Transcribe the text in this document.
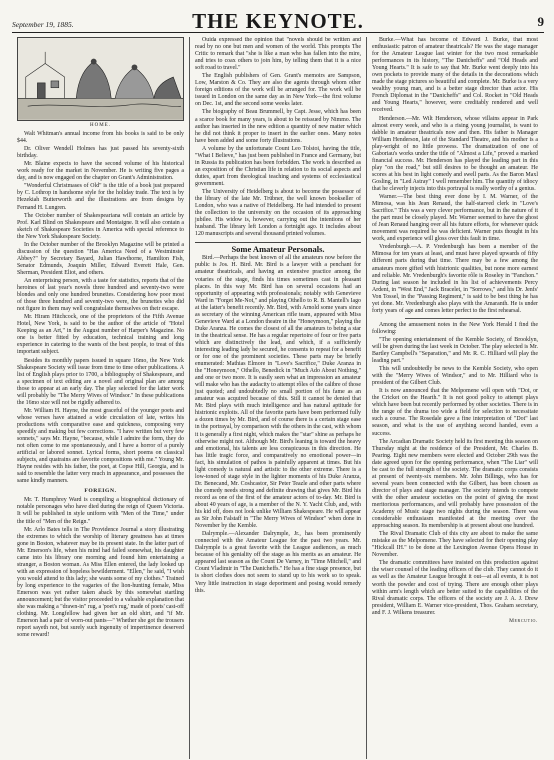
September 19, 1885.	THE KEYNOTE.	9
HOME.

Walt Whitman's annual income from his books is said to be only $44.

Dr. Oliver Wendell Holmes has just passed his seventy-sixth birthday.

Mr. Blaine expects to have the second volume of his historical work ready for the market in November. He is writing five pages a day, and is now engaged on the chapter on Grant's Administration.

"Wonderful Christmases of Old" is the title of a book just prepared by C. Lothrop in handsome style for the holiday trade. The text is by Hezekiah Butterworth and the illustrations are from designs by Fernand H. Lungren.

The October number of Shakespeariana will contain an article by Prof. Karl Blind on Shakespeare and Montaigne. It will also contain a sketch of Shakespeare Societies in America with special reference to the New York Shakespeare Society.

In the October number of the Brooklyn Magazine will be printed a discussion of the question "Has America Need of a Westminster Abbey?" by Secretary Bayard, Julian Hawthorne, Hamilton Fish, Senator Edmunds, Joaquin Miller, Edward Everett Hale, Gen. Sherman, President Eliot, and others.

An enterprising person, with a taste for statistics, reports that of the heroines of last year's novels three hundred and seventy-two were blondes and only one hundred brunettes. Considering how poor most of those three hundred and seventy-two were, the brunettes who did not figure in them may well congratulate themselves on their escape.

Mr. Hiram Hitchcock, one of the proprietors of the Fifth Avenue Hotel, New York, is said to be the author of the article of "Hotel Keeping as an Art," in the August number of Harper's Magazine. No one is better fitted by education, technical training and long experience in catering to the wants of the best people, to treat of this important subject.

Besides its monthly papers issued in square 16mo, the New York Shakespeare Society will issue from time to time other publications. A list of English plays prior to 1700, a bibliography of Shakespeare, and a specimen of text editing are a novel and original plan are among those to appear at an early day. The play selected for the latter work will probably be "The Merry Wives of Windsor." In these publications the 16mo size will not be rigidly adhered to.

Mr. William H. Hayne, the most graceful of the younger poets and whose verses have attained a wide circulation of late, writes his productions with comparative ease and quickness, composing very speedily and making but few corrections. "I have written but very few sonnets," says Mr. Hayne, "because, while I admire the form, they do not often come to me spontaneously, and I have a horror of a purely artificial or labored sonnet. Lyrical forms, short poems on classical subjects, and quatrains are favorite compositions with me." Young Mr. Hayne resides with his father, the poet, at Copse Hill, Georgia, and is said to resemble the latter very much in appearance, and possesses the same kindly manners.

FOREIGN.

Mr. T. Humphrey Ward is compiling a biographical dictionary of notable personages who have died during the reign of Queen Victoria. It will be published in style uniform with "Men of the Time," under the title of "Men of the Reign."

Mr. Arlo Bates tells in The Providence Journal a story illustrating the extremes to which the worship of literary greatness has at times gone in Boston, whatever may be its present state. In the latter part of Mr. Emerson's life, when his mind had failed somewhat, his daughter came into his library one morning and found him entertaining a stranger, a Boston woman. As Miss Ellen entered, the lady looked up with an expression of hopeless bewilderment. "Ellen," he said, "I wish you would attend to this lady; she wants some of my clothes." Trained by long experience to the vagaries of the lion-hunting female, Miss Emerson was yet rather taken aback by this somewhat startling announcement; but the visitor proceeded to a valuable explanation that she was making a "drawn-in" rug, a 'poet's rug,' made of poets' cast-off clothing. Mr. Longfellow had given her an old shirt, and "if Mr. Emerson had a pair of worn-out pants—" Whether she got the trousers report sayeth not, but surely such ingenuity of impertinence deserved some reward!

Ouida expressed the opinion that "novels should be written and read by no one but men and women of the world. This prompts The Critic to remark that "she is like a man who has fallen into the mire, and tries to coax others to join him, by telling them that it is a nice soft road to travel."

The English publishers of Gen. Grant's memoirs are Sampson, Low, Marston & Co. They are also the agents through whom other foreign editions of the work will be arranged for. The work will be issued in London on the same day as in New York—the first volume on Dec. 1st, and the second some weeks later.

The biography of Beau Brummell, by Capt. Jesse, which has been a scarce book for many years, is about to be reissued by Nimmo. The author has inserted in the new edition a quantity of new matter which he did not think it proper to insert in the earlier ones. Many notes have been added and some forty illustrations.

A volume by the unfortunate Count Leo Tolstoi, having the title, "What I Believe," has just been published in France and Germany, but in Russia its publication has been forbidden. The work is described as an exposition of the Christian life in relation to its social aspects and duties, apart from theological teaching and systems of ecclesiastical government.

The University of Heidelberg is about to become the possessor of the library of the late Mr. Trübner, the well known bookseller of London, who was a native of Heidelberg. He had intended to present the collection to the university on the occasion of its approaching jubilee. His widow is, however, carrying out the intentions of her husband. The library left London a fortnight ago. It includes about 120 manuscripts and several thousand printed volumes.

Some Amateur Personals.

Bird.—Perhaps the best known of all the amateurs now before the public is Jos. H. Bird. Mr. Bird is a lawyer with a penchant for amateur theatricals, and having an extensive practice among the votaries of the stage, finds his times sometimes cast in pleasant places. In this way Mr. Bird has on several occasions had an opportunity of appearing with professionals; notably with Genevieve Ward in "Forget Me-Not," and playing Othello to R. B. Mantell's Iago at the latter's benefit recently. Mr. Bird, with Arnold some years since as secretary of the winning American rifle team, appeared with Miss Genevieve Ward at a London theatre in the "Honeymoon," playing the Duke Aranza. He comes the closest of all the amateurs to being a star in the theatrical sense. He has a regular repertoire of four or five parts which are distinctively the lead, and which, if a sufficiently interesting leading lady be secured, he consents to repeat for a benefit or for one of the prominent societies. These parts may be briefly enumerated: Mathias Elmore in "Love's Sacrifice," Duke Aranza in the "Honeymoon," Othello, Benedick in "Much Ado About Nothing," and one or two more. It is easily seen what an impression an amateur will make who has the audacity to attempt rôles of the calibre of those just quoted; and undoubtedly no small portion of his fame as an amateur was acquired because of this. Still it cannot be denied that Mr. Bird plays with much intelligence and has natural aptitude for histrionic exploits. All of the favorite parts have been performed fully a dozen times by Mr. Bird, and of course there is a certain stage ease in the portrayal, by comparison with the others in the cast, with whom it is generally a first night, which makes the "star" shine as perhaps he otherwise might not. Although Mr. Bird's leaning is toward the heavy and emotional, his talents are less conspicuous in this direction. He has little tragic force, and comparatively no emotional power—in fact, his simulation of pathos is painfully apparent at times. But his light comedy is natural and artistic to the other extreme. There is a low-toned of stage style in the lighter moments of his Duke Aranza, Dr. Benecand, Mr. Coshcastor, Sir Peter Teazle and other parts where the comedy needs strong and definite drawing that gives Mr. Bird his record as one of the first of the amateur actors of to-day. Mr. Bird is about 40 years of age, is a member of the N. Y. Yacht Club, and, with his kid off, does not look unlike William Shakespeare. He will appear as Sir John Falstaff in "The Merry Wives of Windsor" when done in November by the Kemble.

Dalrymple.—Alexander Dalrymple, Jr., has been prominently connected with the Amateur League for the past two years. Mr. Dalrymple is a great favorite with the League audiences, as much because of his geniality off the stage as his merits as an amateur. He appeared last season as the Count De Varney, in "Time Mitchell," and Count Vladimir in "The Danicheffs." He has a fine stage presence, but is short clothes does not seem to stand up to his work so to speak. Very little instruction in stage deportment and posing would remedy this.

Burke.—What has become of Edward J. Burke, that most enthusiastic patron of amateur theatricals? He was the stage manager for the Amateur League last winter for the two most remarkable performances in its history, "The Danicheffs" and "Old Heads and Young Hearts." It is safe to say that Mr. Burke went deeply into his own pockets to provide many of the details in the decorations which made the stage pictures so beautiful and complete. Mr. Burke is a very wealthy young man, and is a better stage director than actor. His French Diplomat in the "Danicheffs" and Col. Rocket in "Old Heads and Young Hearts," however, were creditably rendered and well received.

Henderson.—Mr. Wilt Henderson, whose villains appear in Park almost every week, and who is a rising young journalist, is want to dabble in amateur theatricals now and then. His father is Manager William Henderson, late of the Standard Theatre, and his mother is a play-wright of no little prowess. The dramatization of one of Gaboriau's works under the title of "Almost a Life," proved a marked financial success. Mr. Henderson has played the leading part in this play "on the road," but still desires to be thought an amateur. He scores at his best in light comedy and swell parts. As the Baron Maxl Gosling, in "Led Astray" I well remember him. The quantity of idiocy that he cleverly injects into this portrayal is really worthy of a genius.

Warner.—The best thing ever done by I. M. Warner, of the Mimosa, was his Jean Renaud, the half-starved clerk in "Love's Sacrifice." This was a very clever performance, but in the nature of it the part must be closely played. Mr. Warner seemed to have the ghost of Jean Renaud hanging over all his future efforts, for whenever quick movement was required he was deficient. Warner puts thought in his work, and experience will gloss over this fault in time.

Vredenburgh.—A. P. Vredenburgh has been a member of the Mimosa for ten years at least, and must have played upwards of fifty different parts during that time. There may be a few among the amateurs more gifted with histrionic qualities, but none more earnest and reliable. Mr. Vredenburgh's favorite rôle is Roseley in "Fanchon." During last season he included in his list of achievements Percy Ardent, in "West End," Jack Bracelet, in "Sorrows," and his Dr. Jenfs' Von Tossel, in the "Passing Regiment," is said to be best thing he has yet done. Mr. Vredenburgh also plays with the Amaranth. He is under forty years of age and comes letter perfect to the first rehearsal.

Among the amusement notes in the New York Herald I find the following:

"The opening entertainment of the Kemble Society, of Brooklyn, will be given during the last week in October. The play selected is Mr. Bartley Campbell's "Separation," and Mr. R. C. Hilliard will play the leading part."

This will undoubtedly be news to the Kemble Society, who open with the "Merry Wives of Windsor," and to Mr. Hilliard who is president of the Gilbert Club.

It is now announced that the Melpomene will open with "Dot, or the Cricket on the Hearth." It is not good policy to attempt plays which have been but recently performed by other societies. There is in the range of the drama too wide a field for selection to necessitate such a course. The Rosedale gave a fine interpretation of "Dot" last season, and what is the use of anything second handed, even a success.

The Arcadian Dramatic Society held its first meeting this season on Thursday night at the residence of the President, Mr. Charles B. Pearing. Eight new members were elected and October 29th was the date agreed upon for the opening performance, when "The Liar" will be cast to the full strength of the society. The dramatic corps consists at present of twenty-six members. Mr. John Billings, who has for several years been connected with the Gilbert, has been chosen as director of plays and stage manager. The society intends to compete with the other amateur societies on the point of giving the most meritorious performances, and will probably have possession of the Academy of Music stage two nights during the season. There was considerable enthusiasm manifested at the meeting over the approaching season. Its membership is at present about one hundred.

The Rival Dramatic Club of this city are about to make the same mistake as the Melpomene. They have selected for their opening play "Hickcall IH." to be done at the Lexington Avenue Opera House in November.

The dramatic committees have insisted on this production against the wiser counsel of the leading officers of the club. They cannot do it as well as the Amateur League brought it out—at all events, it is not worth the powder and cost of trying. There are enough other plays within arm's length which are better suited to the capabilities of the Rival dramatic corps. The officers of the society are J. A. J. Drew president, William E. Warner vice-president, Thos. Graham secretary, and F. J. Wilkens treasurer.

Mercutio.
